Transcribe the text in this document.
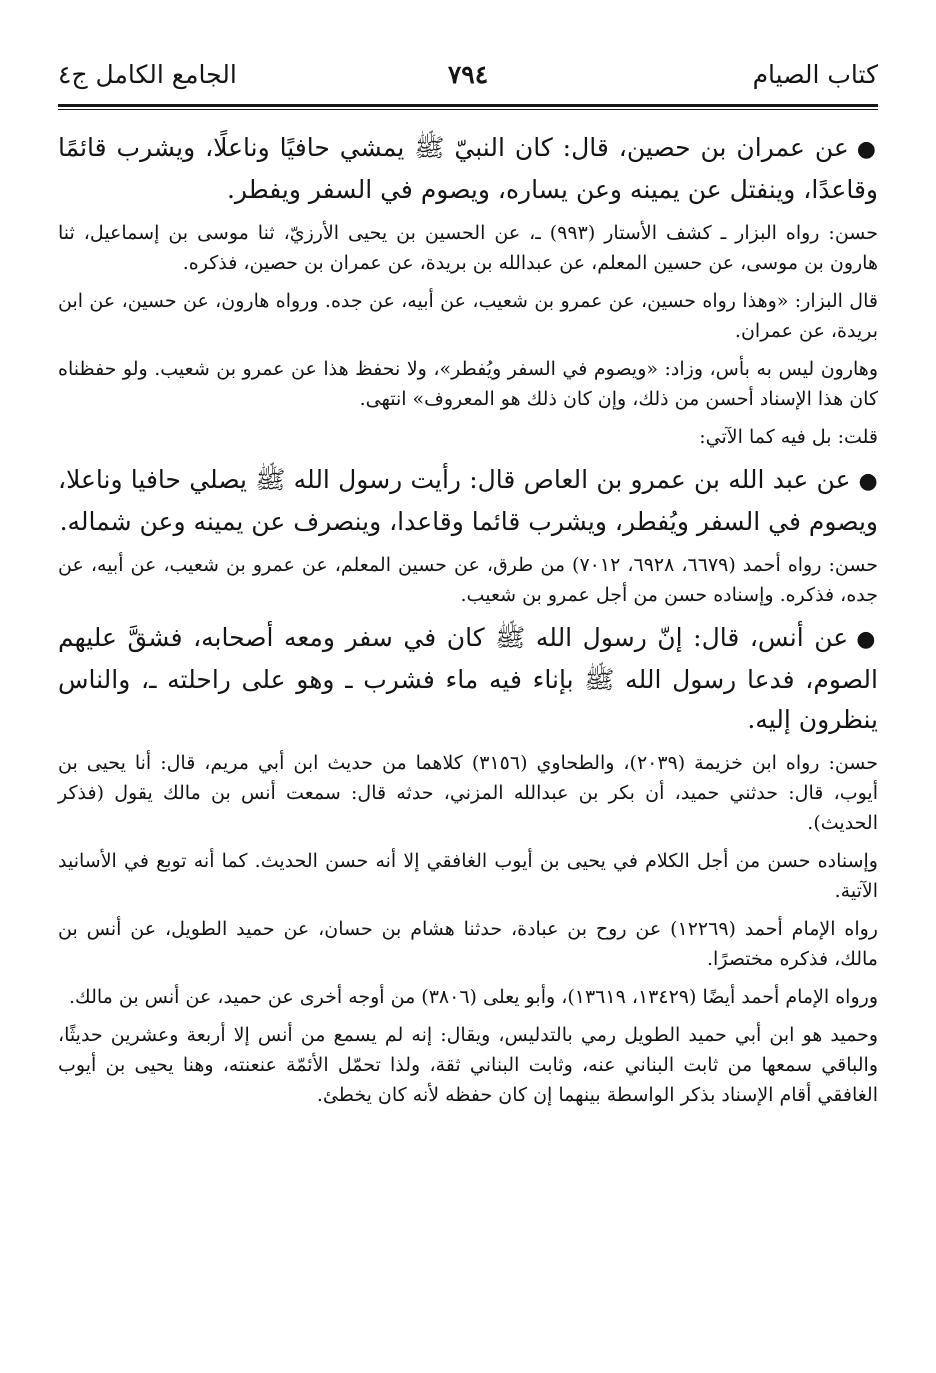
كتاب الصيام
٧٩٤
الجامع الكامل ج٤

●عن عمران بن حصين، قال: كان النبيّ ﷺ يمشي حافيًا وناعلًا، ويشرب قائمًا وقاعدًا، وينفتل عن يمينه وعن يساره، ويصوم في السفر ويفطر.

حسن: رواه البزار ـ كشف الأستار (٩٩٣) ـ، عن الحسين بن يحيى الأرزيّ، ثنا موسى بن إسماعيل، ثنا هارون بن موسى، عن حسين المعلم، عن عبدالله بن بريدة، عن عمران بن حصين، فذكره.

قال البزار: «وهذا رواه حسين، عن عمرو بن شعيب، عن أبيه، عن جده. ورواه هارون، عن حسين، عن ابن بريدة، عن عمران.

وهارون ليس به بأس، وزاد: «ويصوم في السفر ويُفطر»، ولا نحفظ هذا عن عمرو بن شعيب. ولو حفظناه كان هذا الإسناد أحسن من ذلك، وإن كان ذلك هو المعروف» انتهى.

قلت: بل فيه كما الآتي:

●عن عبد الله بن عمرو بن العاص قال: رأيت رسول الله ﷺ يصلي حافيا وناعلا، ويصوم في السفر ويُفطر، ويشرب قائما وقاعدا، وينصرف عن يمينه وعن شماله.

حسن: رواه أحمد (٦٦٧٩، ٦٩٢٨، ٧٠١٢) من طرق، عن حسين المعلم، عن عمرو بن شعيب، عن أبيه، عن جده، فذكره. وإسناده حسن من أجل عمرو بن شعيب.

●عن أنس، قال: إنّ رسول الله ﷺ كان في سفر ومعه أصحابه، فشقَّ عليهم الصوم، فدعا رسول الله ﷺ بإناء فيه ماء فشرب ـ وهو على راحلته ـ، والناس ينظرون إليه.

حسن: رواه ابن خزيمة (٢٠٣٩)، والطحاوي (٣١٥٦) كلاهما من حديث ابن أبي مريم، قال: أنا يحيى بن أيوب، قال: حدثني حميد، أن بكر بن عبدالله المزني، حدثه قال: سمعت أنس بن مالك يقول (فذكر الحديث).

وإسناده حسن من أجل الكلام في يحيى بن أيوب الغافقي إلا أنه حسن الحديث. كما أنه توبع في الأسانيد الآتية.

رواه الإمام أحمد (١٢٢٦٩) عن روح بن عبادة، حدثنا هشام بن حسان، عن حميد الطويل، عن أنس بن مالك، فذكره مختصرًا.

ورواه الإمام أحمد أيضًا (١٣٤٢٩، ١٣٦١٩)، وأبو يعلى (٣٨٠٦) من أوجه أخرى عن حميد، عن أنس بن مالك.

وحميد هو ابن أبي حميد الطويل رمي بالتدليس، ويقال: إنه لم يسمع من أنس إلا أربعة وعشرين حديثًا، والباقي سمعها من ثابت البناني عنه، وثابت البناني ثقة، ولذا تحمّل الأئمّة عنعنته، وهنا يحيى بن أيوب الغافقي أقام الإسناد بذكر الواسطة بينهما إن كان حفظه لأنه كان يخطئ.
